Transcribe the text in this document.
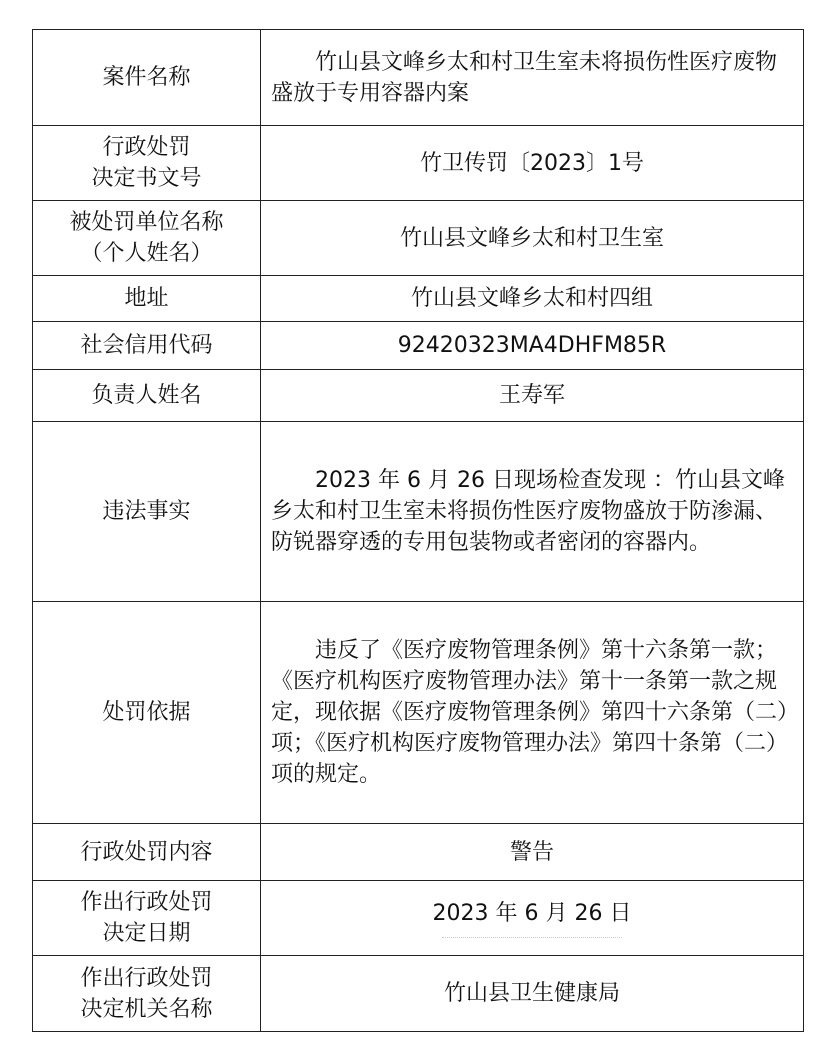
案件名称	竹山县文峰乡太和村卫生室未将损伤性医疗废物盛放于专用容器内案

行政处罚
决定书文号	竹卫传罚〔2023〕1号

被处罚单位名称
（个人姓名）	竹山县文峰乡太和村卫生室
地址	竹山县文峰乡太和村四组
社会信用代码	92420323MA4DHFM85R
负责人姓名	王寿军
违法事实	2023 年 6 月 26 日现场检查发现 ：竹山县文峰乡太和村卫生室未将损伤性医疗废物盛放于防渗漏、防锐器穿透的专用包装物或者密闭的容器内。

处罚依据	违反了《医疗废物管理条例》第十六条第一款；《医疗机构医疗废物管理办法》第十一条第一款之规定，现依据《医疗废物管理条例》第四十六条第（二）项；《医疗机构医疗废物管理办法》第四十条第（二）项的规定。

行政处罚内容	警告

作出行政处罚
决定日期	2023 年 6 月 26 日

作出行政处罚
决定机关名称	竹山县卫生健康局
